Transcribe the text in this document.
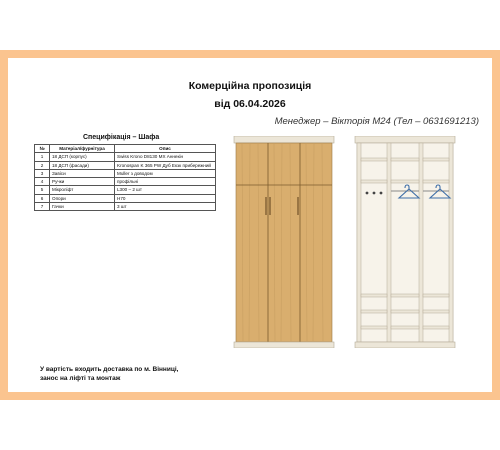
Комерційна пропозиція
від 06.04.2026
Менеджер – Вікторія М24 (Тел – 0631691213)
Специфікація – Шафа
№	Матеріал/фурнітура	Опис
1	18 ДСП (корпус)	Swiss Krono D8130 MX Аннекін
2	18 ДСП (фасади)	Kronospan K 365 PW Дуб Екзк прибережний
3	Завіси	Muller з доводом
4	Ручки	профільні
5	Мікроліфт	L300 – 2 шт
6	Опори	Н70
7	Гачки	3 шт
У вартість входить доставка по м. Вінниці,
занос на ліфті та монтаж
